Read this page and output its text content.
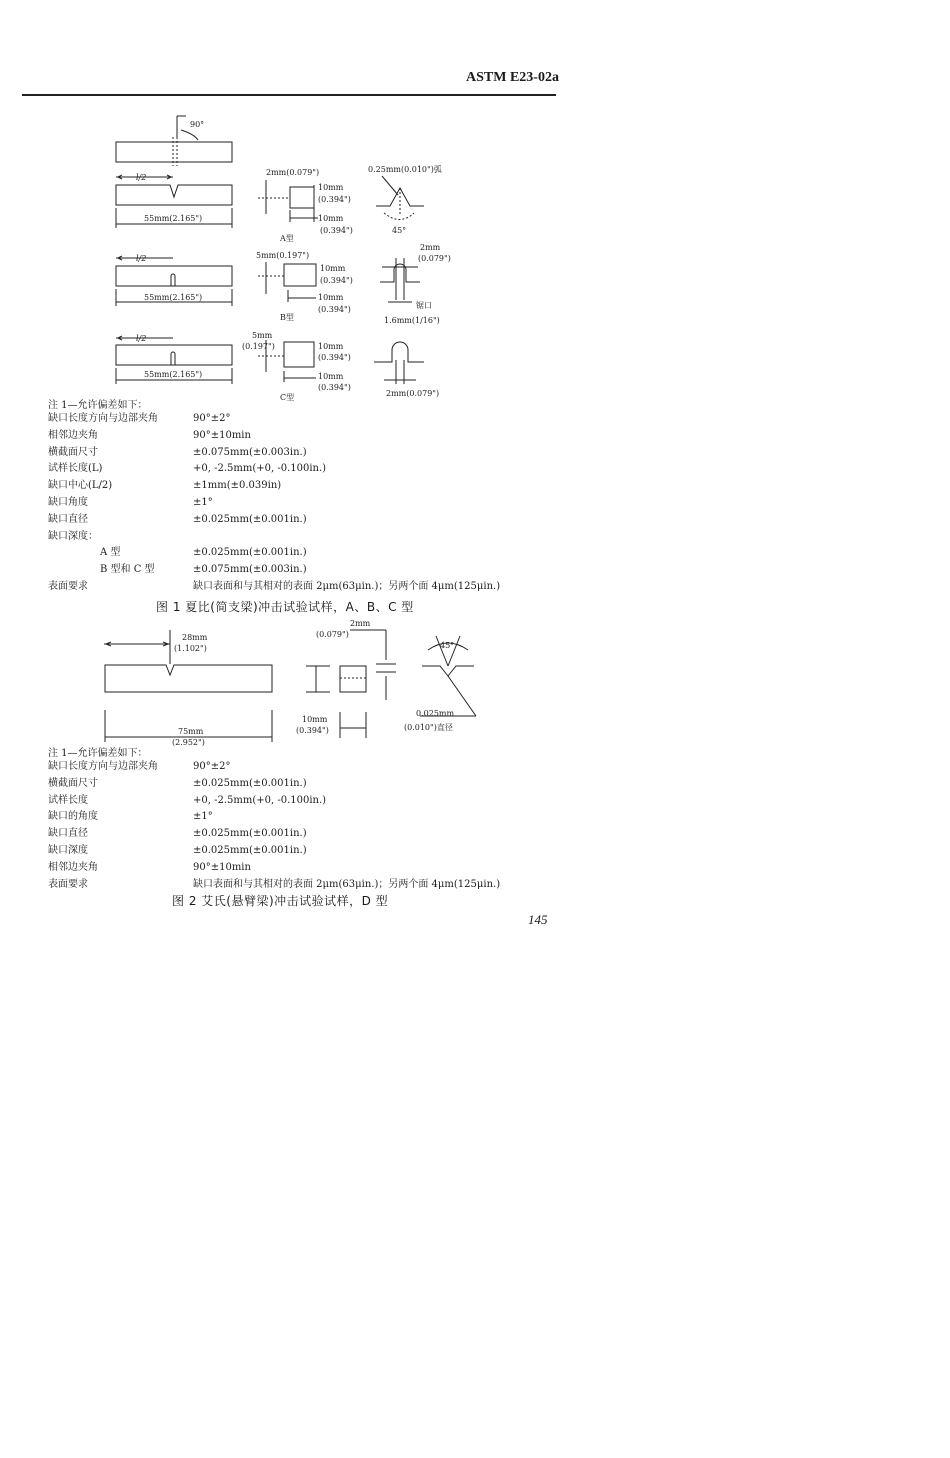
ASTM E23-02a
90°
l/2
55mm(2.165")
2mm(0.079")
10mm
(0.394")
10mm
(0.394")
A型
0.25mm(0.010")弧
45°
l/2
55mm(2.165")
5mm(0.197")
10mm
(0.394")
10mm
(0.394")
B型
2mm
(0.079")
锯口
1.6mm(1/16")
l/2
55mm(2.165")
5mm
(0.197")	10mm
(0.394")
10mm
(0.394")
C型	2mm(0.079")
注 1—允许偏差如下：
缺口长度方向与边部夹角	90°±2°
相邻边夹角	90°±10min
横截面尺寸	±0.075mm(±0.003in.)
试样长度(L)	+0, -2.5mm(+0, -0.100in.)
缺口中心(L/2)	±1mm(±0.039in)
缺口角度	±1°
缺口直径	±0.025mm(±0.001in.)
缺口深度：
A 型	±0.025mm(±0.001in.)
B 型和 C 型	±0.075mm(±0.003in.)
表面要求	缺口表面和与其相对的表面 2μm(63μin.)；另两个面 4μm(125μin.)
图 1 夏比(简支梁)冲击试验试样，A、B、C 型
28mm
(1.102")
75mm
(2.952")
2mm
(0.079")
10mm
(0.394")
45°
0.025mm
(0.010")直径
注 1—允许偏差如下：
缺口长度方向与边部夹角	90°±2°
横截面尺寸	±0.025mm(±0.001in.)
试样长度	+0, -2.5mm(+0, -0.100in.)
缺口的角度	±1°
缺口直径	±0.025mm(±0.001in.)
缺口深度	±0.025mm(±0.001in.)
相邻边夹角	90°±10min
表面要求	缺口表面和与其相对的表面 2μm(63μin.)；另两个面 4μm(125μin.)
图 2 艾氏(悬臂梁)冲击试验试样，D 型
145
